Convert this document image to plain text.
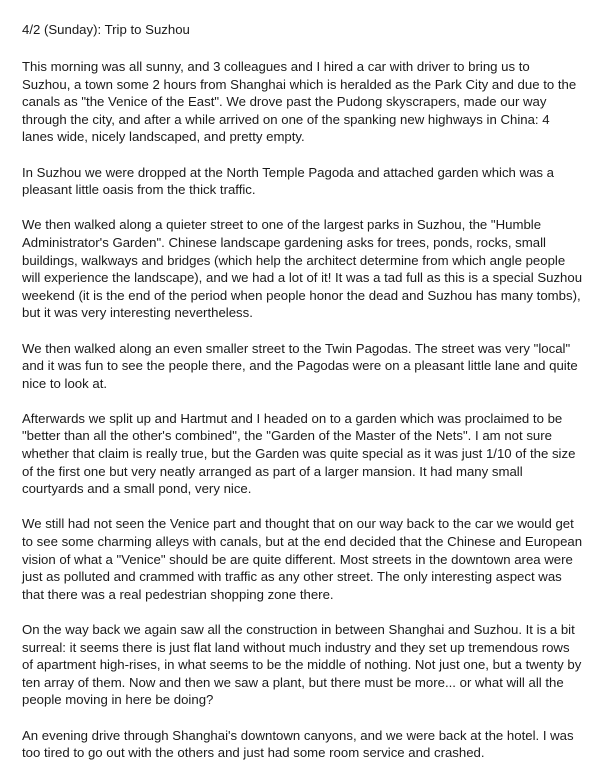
4/2 (Sunday): Trip to Suzhou
This morning was all sunny, and 3 colleagues and I hired a car with driver to bring us to
Suzhou, a town some 2 hours from Shanghai which is heralded as the Park City and due to the
canals as "the Venice of the East". We drove past the Pudong skyscrapers, made our way
through the city, and after a while arrived on one of the spanking new highways in China: 4
lanes wide, nicely landscaped, and pretty empty.
In Suzhou we were dropped at the North Temple Pagoda and attached garden which was a
pleasant little oasis from the thick traffic.
We then walked along a quieter street to one of the largest parks in Suzhou, the "Humble
Administrator's Garden". Chinese landscape gardening asks for trees, ponds, rocks, small
buildings, walkways and bridges (which help the architect determine from which angle people
will experience the landscape), and we had a lot of it! It was a tad full as this is a special Suzhou
weekend (it is the end of the period when people honor the dead and Suzhou has many tombs),
but it was very interesting nevertheless.
We then walked along an even smaller street to the Twin Pagodas. The street was very "local"
and it was fun to see the people there, and the Pagodas were on a pleasant little lane and quite
nice to look at.
Afterwards we split up and Hartmut and I headed on to a garden which was proclaimed to be
"better than all the other's combined", the "Garden of the Master of the Nets". I am not sure
whether that claim is really true, but the Garden was quite special as it was just 1/10 of the size
of the first one but very neatly arranged as part of a larger mansion. It had many small
courtyards and a small pond, very nice.
We still had not seen the Venice part and thought that on our way back to the car we would get
to see some charming alleys with canals, but at the end decided that the Chinese and European
vision of what a "Venice" should be are quite different. Most streets in the downtown area were
just as polluted and crammed with traffic as any other street. The only interesting aspect was
that there was a real pedestrian shopping zone there.
On the way back we again saw all the construction in between Shanghai and Suzhou. It is a bit
surreal: it seems there is just flat land without much industry and they set up tremendous rows
of apartment high-rises, in what seems to be the middle of nothing. Not just one, but a twenty by
ten array of them. Now and then we saw a plant, but there must be more... or what will all the
people moving in here be doing?
An evening drive through Shanghai's downtown canyons, and we were back at the hotel. I was
too tired to go out with the others and just had some room service and crashed.
